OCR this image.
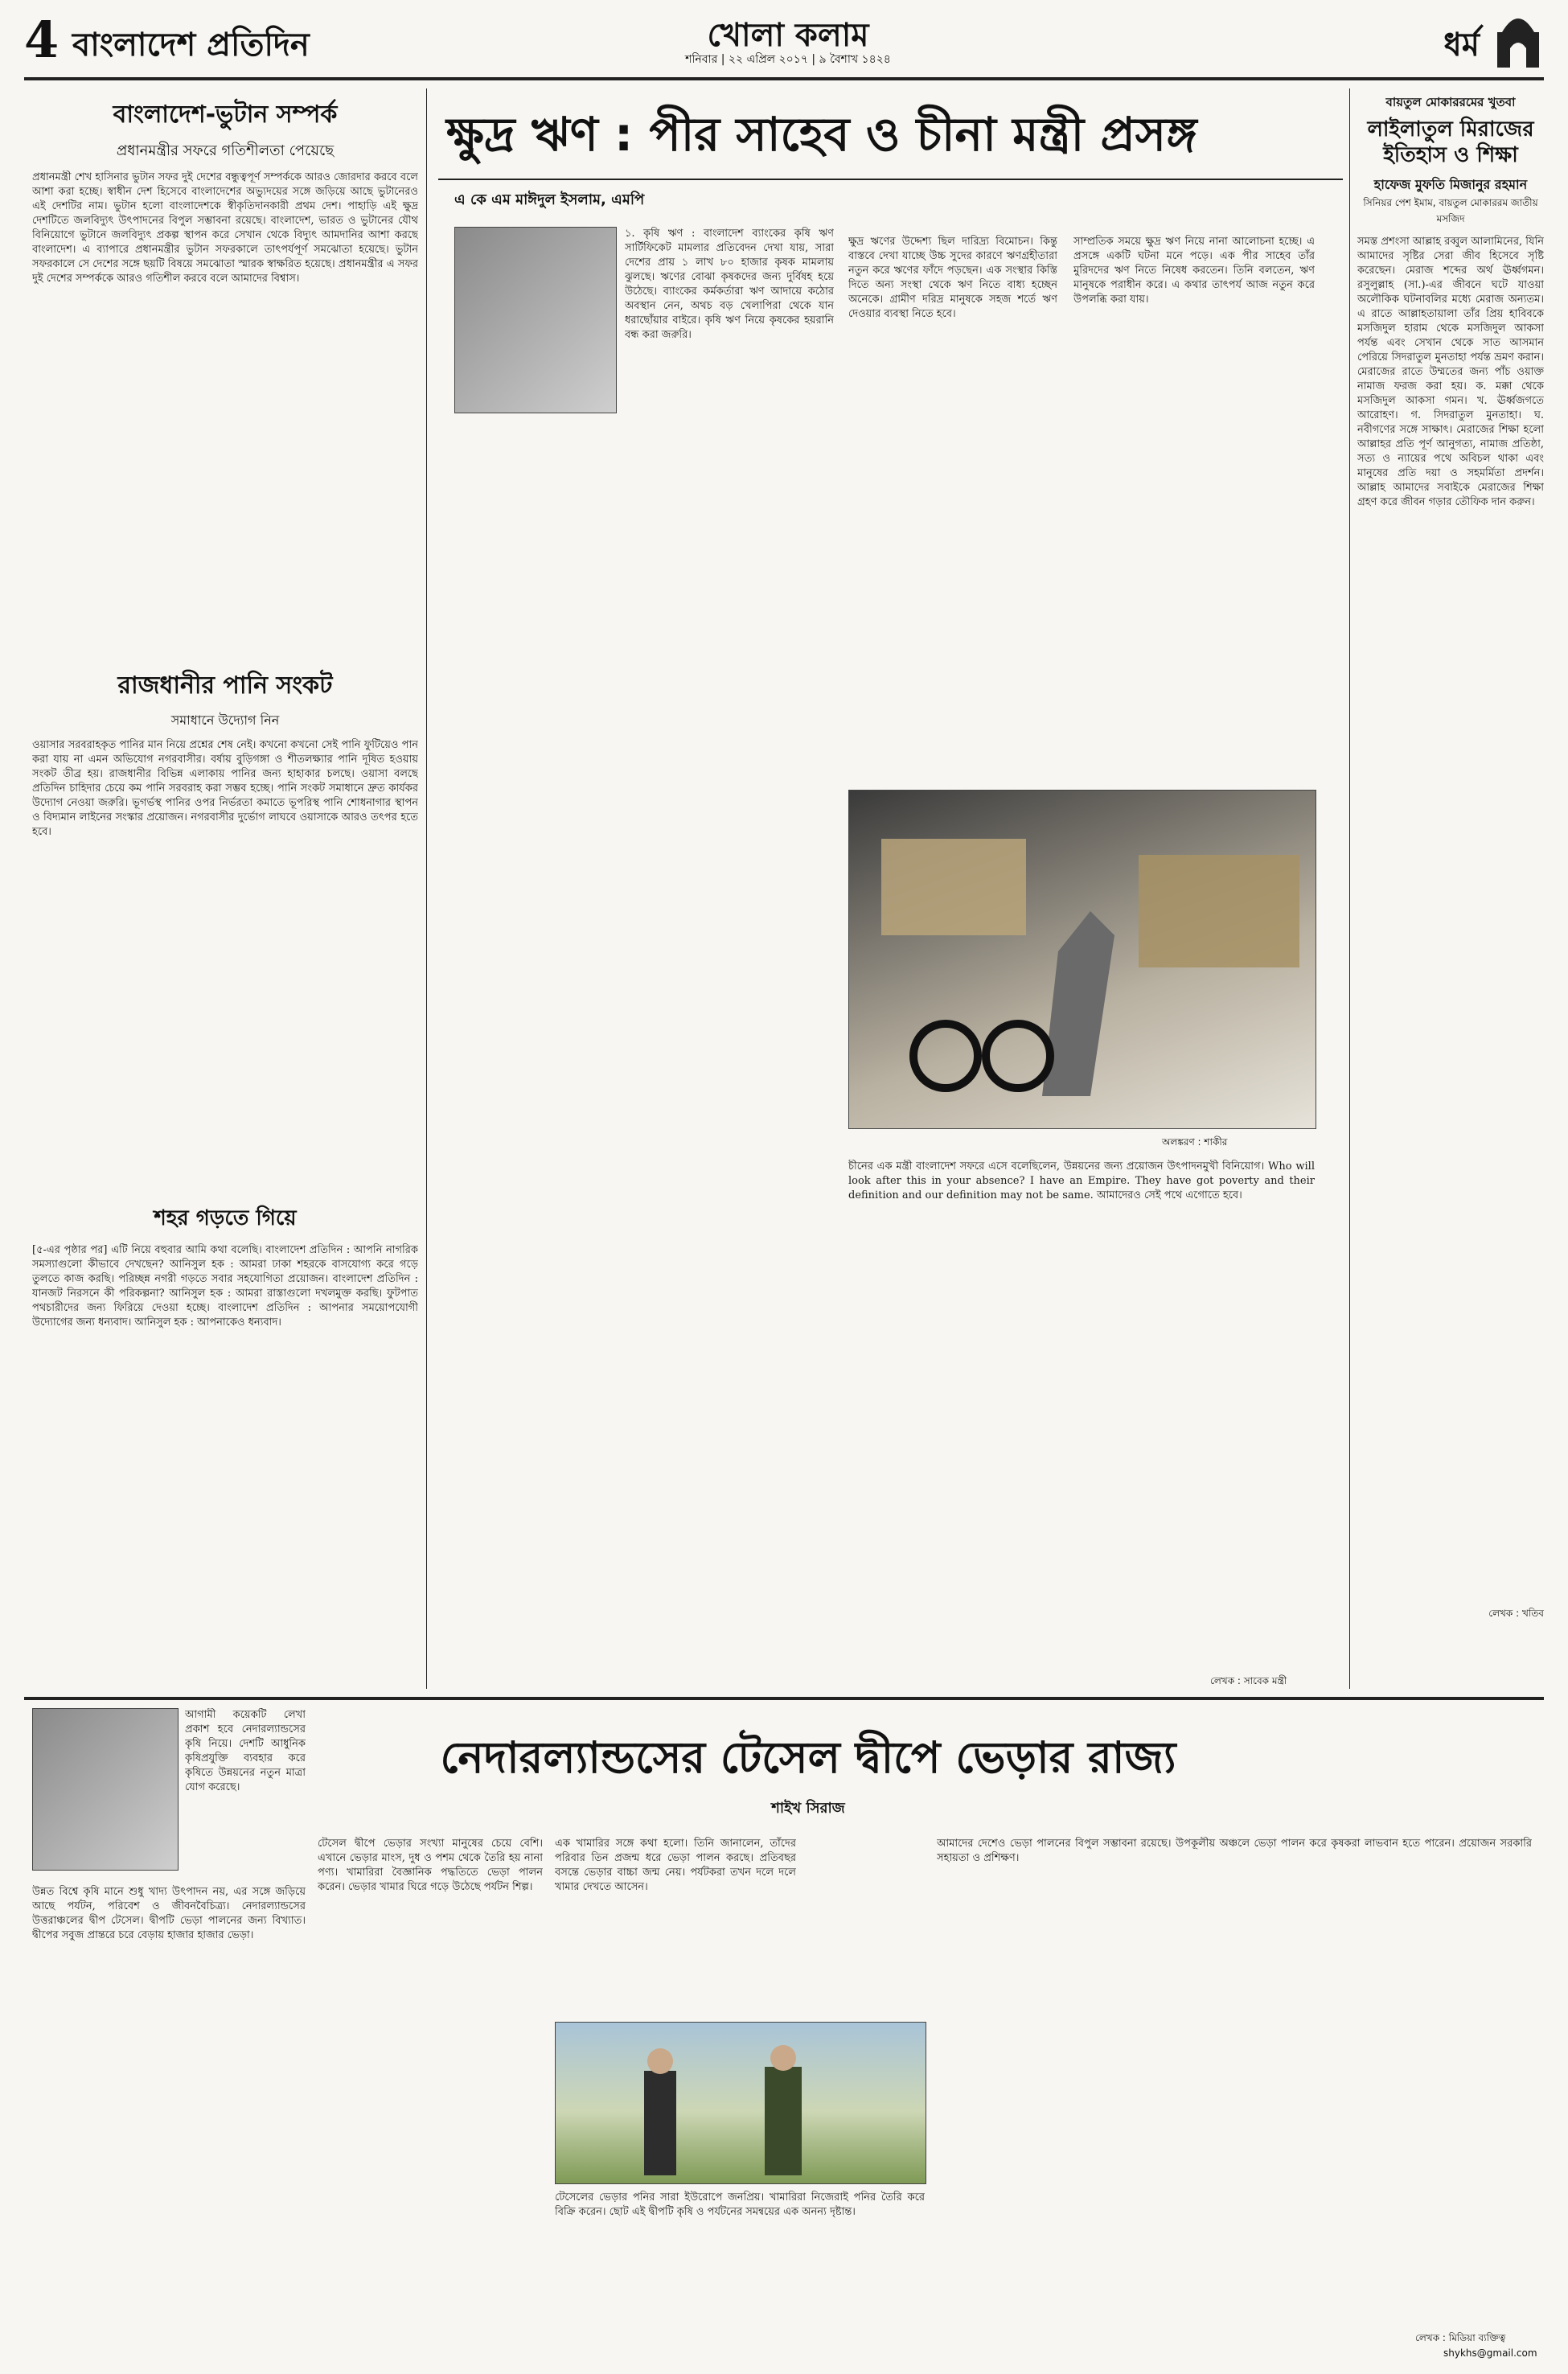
4 বাংলাদেশ প্রতিদিন	খোলা কলাম
শনিবার | ২২ এপ্রিল ২০১৭ | ৯ বৈশাখ ১৪২৪	ধর্ম
বাংলাদেশ-ভুটান সম্পর্ক
প্রধানমন্ত্রীর সফরে গতিশীলতা পেয়েছে
প্রধানমন্ত্রী শেখ হাসিনার ভুটান সফর দুই দেশের বন্ধুত্বপূর্ণ সম্পর্ককে আরও জোরদার করবে বলে আশা করা হচ্ছে। স্বাধীন দেশ হিসেবে বাংলাদেশের অভ্যুদয়ের সঙ্গে জড়িয়ে আছে ভুটানেরও এই দেশটির নাম। ভুটান হলো বাংলাদেশকে স্বীকৃতিদানকারী প্রথম দেশ। পাহাড়ি এই ক্ষুদ্র দেশটিতে জলবিদ্যুৎ উৎপাদনের বিপুল সম্ভাবনা রয়েছে। বাংলাদেশ, ভারত ও ভুটানের যৌথ বিনিয়োগে ভুটানে জলবিদ্যুৎ প্রকল্প স্থাপন করে সেখান থেকে বিদ্যুৎ আমদানির আশা করছে বাংলাদেশ। এ ব্যাপারে প্রধানমন্ত্রীর ভুটান সফরকালে তাৎপর্যপূর্ণ সমঝোতা হয়েছে। ভুটান সফরকালে সে দেশের সঙ্গে ছয়টি বিষয়ে সমঝোতা স্মারক স্বাক্ষরিত হয়েছে। প্রধানমন্ত্রীর এ সফর দুই দেশের সম্পর্ককে আরও গতিশীল করবে বলে আমাদের বিশ্বাস।
রাজধানীর পানি সংকট
সমাধানে উদ্যোগ নিন
ওয়াসার সরবরাহকৃত পানির মান নিয়ে প্রশ্নের শেষ নেই। কখনো কখনো সেই পানি ফুটিয়েও পান করা যায় না এমন অভিযোগ নগরবাসীর। বর্ষায় বুড়িগঙ্গা ও শীতলক্ষ্যার পানি দূষিত হওয়ায় সংকট তীব্র হয়। রাজধানীর বিভিন্ন এলাকায় পানির জন্য হাহাকার চলছে। ওয়াসা বলছে প্রতিদিন চাহিদার চেয়ে কম পানি সরবরাহ করা সম্ভব হচ্ছে। পানি সংকট সমাধানে দ্রুত কার্যকর উদ্যোগ নেওয়া জরুরি। ভূগর্ভস্থ পানির ওপর নির্ভরতা কমাতে ভূপরিস্থ পানি শোধনাগার স্থাপন ও বিদ্যমান লাইনের সংস্কার প্রয়োজন। নগরবাসীর দুর্ভোগ লাঘবে ওয়াসাকে আরও তৎপর হতে হবে।
শহর গড়তে গিয়ে
[৫-এর পৃষ্ঠার পর] এটি নিয়ে বহুবার আমি কথা বলেছি। বাংলাদেশ প্রতিদিন : আপনি নাগরিক সমস্যাগুলো কীভাবে দেখছেন? আনিসুল হক : আমরা ঢাকা শহরকে বাসযোগ্য করে গড়ে তুলতে কাজ করছি। পরিচ্ছন্ন নগরী গড়তে সবার সহযোগিতা প্রয়োজন। বাংলাদেশ প্রতিদিন : যানজট নিরসনে কী পরিকল্পনা? আনিসুল হক : আমরা রাস্তাগুলো দখলমুক্ত করছি। ফুটপাত পথচারীদের জন্য ফিরিয়ে দেওয়া হচ্ছে। বাংলাদেশ প্রতিদিন : আপনার সময়োপযোগী উদ্যোগের জন্য ধন্যবাদ। আনিসুল হক : আপনাকেও ধন্যবাদ।
ক্ষুদ্র ঋণ : পীর সাহেব ও চীনা মন্ত্রী প্রসঙ্গ
এ কে এম মাঈদুল ইসলাম, এমপি
১. কৃষি ঋণ : বাংলাদেশ ব্যাংকের কৃষি ঋণ সার্টিফিকেট মামলার প্রতিবেদন দেখা যায়, সারা দেশের প্রায় ১ লাখ ৮০ হাজার কৃষক মামলায় ঝুলছে। ঋণের বোঝা কৃষকদের জন্য দুর্বিষহ হয়ে উঠেছে। ব্যাংকের কর্মকর্তারা ঋণ আদায়ে কঠোর অবস্থান নেন, অথচ বড় খেলাপিরা থেকে যান ধরাছোঁয়ার বাইরে। কৃষি ঋণ নিয়ে কৃষকের হয়রানি বন্ধ করা জরুরি।
ক্ষুদ্র ঋণের উদ্দেশ্য ছিল দারিদ্র্য বিমোচন। কিন্তু বাস্তবে দেখা যাচ্ছে উচ্চ সুদের কারণে ঋণগ্রহীতারা নতুন করে ঋণের ফাঁদে পড়ছেন। এক সংস্থার কিস্তি দিতে অন্য সংস্থা থেকে ঋণ নিতে বাধ্য হচ্ছেন অনেকে। গ্রামীণ দরিদ্র মানুষকে সহজ শর্তে ঋণ দেওয়ার ব্যবস্থা নিতে হবে।
সাম্প্রতিক সময়ে ক্ষুদ্র ঋণ নিয়ে নানা আলোচনা হচ্ছে। এ প্রসঙ্গে একটি ঘটনা মনে পড়ে। এক পীর সাহেব তাঁর মুরিদদের ঋণ নিতে নিষেধ করতেন। তিনি বলতেন, ঋণ মানুষকে পরাধীন করে। এ কথার তাৎপর্য আজ নতুন করে উপলব্ধি করা যায়।
অলঙ্করণ : শাকীর
চীনের এক মন্ত্রী বাংলাদেশ সফরে এসে বলেছিলেন, উন্নয়নের জন্য প্রয়োজন উৎপাদনমুখী বিনিয়োগ। Who will look after this in your absence? I have an Empire. They have got poverty and their definition and our definition may not be same. আমাদেরও সেই পথে এগোতে হবে।
লেখক : সাবেক মন্ত্রী
বায়তুল মোকাররমের খুতবা
লাইলাতুল মিরাজের ইতিহাস ও শিক্ষা
হাফেজ মুফতি মিজানুর রহমান
সিনিয়র পেশ ইমাম, বায়তুল মোকাররম জাতীয় মসজিদ
সমস্ত প্রশংসা আল্লাহ রব্বুল আলামিনের, যিনি আমাদের সৃষ্টির সেরা জীব হিসেবে সৃষ্টি করেছেন। মেরাজ শব্দের অর্থ ঊর্ধ্বগমন। রসুলুল্লাহ (সা.)-এর জীবনে ঘটে যাওয়া অলৌকিক ঘটনাবলির মধ্যে মেরাজ অন্যতম। এ রাতে আল্লাহতায়ালা তাঁর প্রিয় হাবিবকে মসজিদুল হারাম থেকে মসজিদুল আকসা পর্যন্ত এবং সেখান থেকে সাত আসমান পেরিয়ে সিদরাতুল মুনতাহা পর্যন্ত ভ্রমণ করান। মেরাজের রাতে উম্মতের জন্য পাঁচ ওয়াক্ত নামাজ ফরজ করা হয়। ক. মক্কা থেকে মসজিদুল আকসা গমন। খ. ঊর্ধ্বজগতে আরোহণ। গ. সিদরাতুল মুনতাহা। ঘ. নবীগণের সঙ্গে সাক্ষাৎ। মেরাজের শিক্ষা হলো আল্লাহর প্রতি পূর্ণ আনুগত্য, নামাজ প্রতিষ্ঠা, সত্য ও ন্যায়ের পথে অবিচল থাকা এবং মানুষের প্রতি দয়া ও সহমর্মিতা প্রদর্শন। আল্লাহ আমাদের সবাইকে মেরাজের শিক্ষা গ্রহণ করে জীবন গড়ার তৌফিক দান করুন।
লেখক : খতিব
আগামী কয়েকটি লেখা প্রকাশ হবে নেদারল্যান্ডসের কৃষি নিয়ে। দেশটি আধুনিক কৃষিপ্রযুক্তি ব্যবহার করে কৃষিতে উন্নয়নের নতুন মাত্রা যোগ করেছে।
নেদারল্যান্ডসের টেসেল দ্বীপে ভেড়ার রাজ্য
শাইখ সিরাজ
উন্নত বিশ্বে কৃষি মানে শুধু খাদ্য উৎপাদন নয়, এর সঙ্গে জড়িয়ে আছে পর্যটন, পরিবেশ ও জীবনবৈচিত্র্য। নেদারল্যান্ডসের উত্তরাঞ্চলের দ্বীপ টেসেল। দ্বীপটি ভেড়া পালনের জন্য বিখ্যাত। দ্বীপের সবুজ প্রান্তরে চরে বেড়ায় হাজার হাজার ভেড়া।
টেসেল দ্বীপে ভেড়ার সংখ্যা মানুষের চেয়ে বেশি। এখানে ভেড়ার মাংস, দুধ ও পশম থেকে তৈরি হয় নানা পণ্য। খামারিরা বৈজ্ঞানিক পদ্ধতিতে ভেড়া পালন করেন। ভেড়ার খামার ঘিরে গড়ে উঠেছে পর্যটন শিল্প।
এক খামারির সঙ্গে কথা হলো। তিনি জানালেন, তাঁদের পরিবার তিন প্রজন্ম ধরে ভেড়া পালন করছে। প্রতিবছর বসন্তে ভেড়ার বাচ্চা জন্ম নেয়। পর্যটকরা তখন দলে দলে খামার দেখতে আসেন।
টেসেলের ভেড়ার পনির সারা ইউরোপে জনপ্রিয়। খামারিরা নিজেরাই পনির তৈরি করে বিক্রি করেন। ছোট এই দ্বীপটি কৃষি ও পর্যটনের সমন্বয়ের এক অনন্য দৃষ্টান্ত।
আমাদের দেশেও ভেড়া পালনের বিপুল সম্ভাবনা রয়েছে। উপকূলীয় অঞ্চলে ভেড়া পালন করে কৃষকরা লাভবান হতে পারেন। প্রয়োজন সরকারি সহায়তা ও প্রশিক্ষণ।
লেখক : মিডিয়া ব্যক্তিত্ব
shykhs@gmail.com
